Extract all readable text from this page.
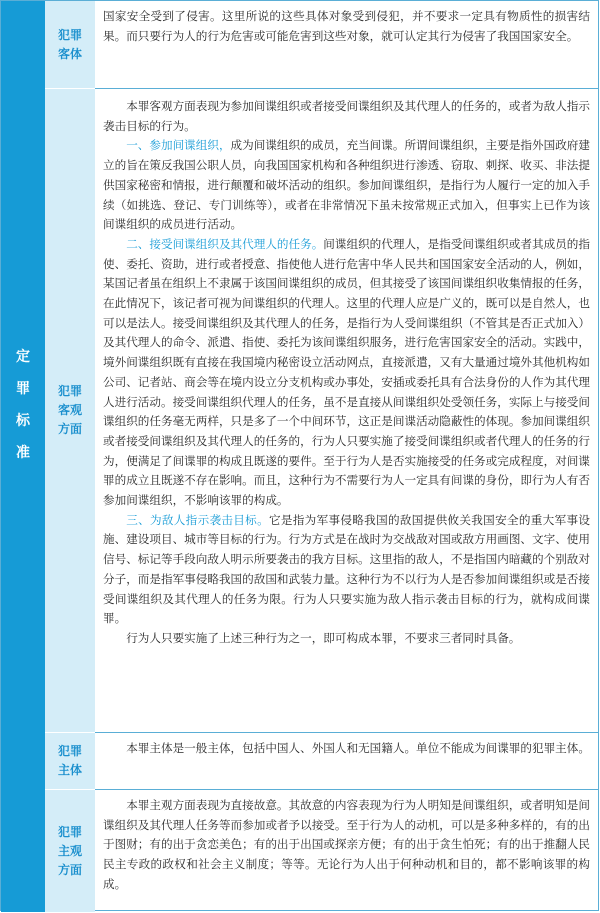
定
罪
标
准
犯罪
客体

国家安全受到了侵害。这里所说的这些具体对象受到侵犯，并不要求一定具有物质性的损害结果。而只要行为人的行为危害或可能危害到这些对象，就可认定其行为侵害了我国国家安全。

犯罪
客观
方面

本罪客观方面表现为参加间谍组织或者接受间谍组织及其代理人的任务的，或者为敌人指示袭击目标的行为。

一、参加间谍组织，成为间谍组织的成员，充当间谍。所谓间谍组织，主要是指外国政府建立的旨在策反我国公职人员，向我国国家机构和各种组织进行渗透、窃取、刺探、收买、非法提供国家秘密和情报，进行颠覆和破坏活动的组织。参加间谍组织，是指行为人履行一定的加入手续（如挑选、登记、专门训练等），或者在非常情况下虽未按常规正式加入，但事实上已作为该间谍组织的成员进行活动。

二、接受间谍组织及其代理人的任务。间谍组织的代理人，是指受间谍组织或者其成员的指使、委托、资助，进行或者授意、指使他人进行危害中华人民共和国国家安全活动的人，例如，某国记者虽在组织上不隶属于该国间谍组织的成员，但其接受了该国间谍组织收集情报的任务，在此情况下，该记者可视为间谍组织的代理人。这里的代理人应是广义的，既可以是自然人，也可以是法人。接受间谍组织及其代理人的任务，是指行为人受间谍组织（不管其是否正式加入）及其代理人的命令、派遣、指使、委托为该间谍组织服务，进行危害国家安全的活动。实践中，境外间谍组织既有直接在我国境内秘密设立活动网点，直接派遣，又有大量通过境外其他机构如公司、记者站、商会等在境内设立分支机构或办事处，安插或委托具有合法身份的人作为其代理人进行活动。接受间谍组织代理人的任务，虽不是直接从间谍组织处受领任务，实际上与接受间谍组织的任务毫无两样，只是多了一个中间环节，这正是间谍活动隐蔽性的体现。参加间谍组织或者接受间谍组织及其代理人的任务的，行为人只要实施了接受间谍组织或者代理人的任务的行为，便满足了间谍罪的构成且既遂的要件。至于行为人是否实施接受的任务或完成程度，对间谍罪的成立且既遂不存在影响。而且，这种行为不需要行为人一定具有间谍的身份，即行为人有否参加间谍组织，不影响该罪的构成。

三、为敌人指示袭击目标。它是指为军事侵略我国的敌国提供攸关我国安全的重大军事设施、建设项目、城市等目标的行为。行为方式是在战时为交战敌对国或敌方用画图、文字、使用信号、标记等手段向敌人明示所要袭击的我方目标。这里指的敌人，不是指国内暗藏的个别敌对分子，而是指军事侵略我国的敌国和武装力量。这种行为不以行为人是否参加间谍组织或是否接受间谍组织及其代理人的任务为限。行为人只要实施为敌人指示袭击目标的行为，就构成间谍罪。

行为人只要实施了上述三种行为之一，即可构成本罪，不要求三者同时具备。

犯罪
主体

本罪主体是一般主体，包括中国人、外国人和无国籍人。单位不能成为间谍罪的犯罪主体。

犯罪
主观
方面

本罪主观方面表现为直接故意。其故意的内容表现为行为人明知是间谍组织，或者明知是间谍组织及其代理人任务等而参加或者予以接受。至于行为人的动机，可以是多种多样的，有的出于图财；有的出于贪恋美色；有的出于出国或探亲方便；有的出于贪生怕死；有的出于推翻人民民主专政的政权和社会主义制度；等等。无论行为人出于何种动机和目的，都不影响该罪的构成。
